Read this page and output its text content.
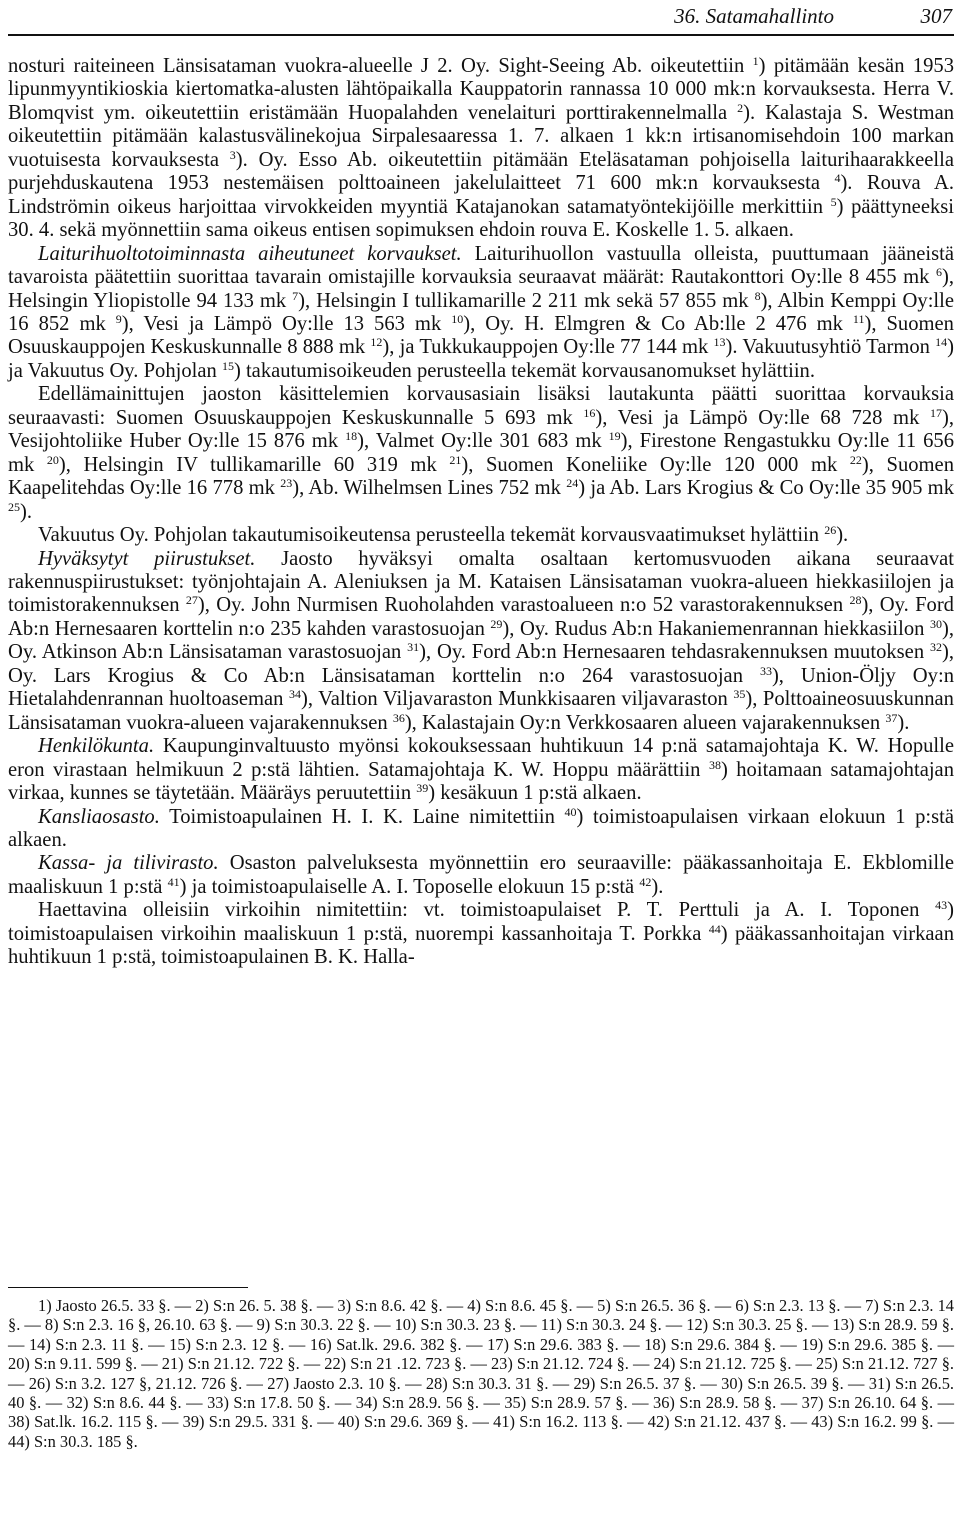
36. Satamahallinto	307

nosturi raiteineen Länsisataman vuokra-alueelle J 2. Oy. Sight-Seeing Ab. oikeutettiin $^1$) pitämään kesän 1953 lipunmyyntikioskia kiertomatka-alusten lähtöpaikalla Kauppatorin rannassa 10 000 mk:n korvauksesta. Herra V. Blomqvist ym. oikeutettiin eristämään Huopalahden venelaituri porttirakennelmalla $^2$). Kalastaja S. Westman oikeutettiin pitämään kalastusvälinekojua Sirpalesaaressa 1. 7. alkaen 1 kk:n irtisanomisehdoin 100 markan vuotuisesta korvauksesta $^3$). Oy. Esso Ab. oikeutettiin pitämään Eteläsataman pohjoisella laiturihaarakkeella purjehduskautena 1953 nestemäisen polttoaineen jakelulaitteet 71 600 mk:n korvauksesta $^4$). Rouva A. Lindströmin oikeus harjoittaa virvokkeiden myyntiä Katajanokan satamatyöntekijöille merkittiin $^5$) päättyneeksi 30. 4. sekä myönnettiin sama oikeus entisen sopimuksen ehdoin rouva E. Koskelle 1. 5. alkaen.

Laiturihuoltotoiminnasta aiheutuneet korvaukset. Laiturihuollon vastuulla olleista, puuttumaan jääneistä tavaroista päätettiin suorittaa tavarain omistajille korvauksia seuraavat määrät: Rautakonttori Oy:lle 8 455 mk $^6$), Helsingin Yliopistolle 94 133 mk $^7$), Helsingin I tullikamarille 2 211 mk sekä 57 855 mk $^8$), Albin Kemppi Oy:lle 16 852 mk $^9$), Vesi ja Lämpö Oy:lle 13 563 mk $^{10}$), Oy. H. Elmgren & Co Ab:lle 2 476 mk $^{11}$), Suomen Osuuskauppojen Keskuskunnalle 8 888 mk $^{12}$), ja Tukkukauppojen Oy:lle 77 144 mk $^{13}$). Vakuutusyhtiö Tarmon $^{14}$) ja Vakuutus Oy. Pohjolan $^{15}$) takautumisoikeuden perusteella tekemät korvausanomukset hylättiin.

Edellämainittujen jaoston käsittelemien korvausasiain lisäksi lautakunta päätti suorittaa korvauksia seuraavasti: Suomen Osuuskauppojen Keskuskunnalle 5 693 mk $^{16}$), Vesi ja Lämpö Oy:lle 68 728 mk $^{17}$), Vesijohtoliike Huber Oy:lle 15 876 mk $^{18}$), Valmet Oy:lle 301 683 mk $^{19}$), Firestone Rengastukku Oy:lle 11 656 mk $^{20}$), Helsingin IV tullikamarille 60 319 mk $^{21}$), Suomen Koneliike Oy:lle 120 000 mk $^{22}$), Suomen Kaapelitehdas Oy:lle 16 778 mk $^{23}$), Ab. Wilhelmsen Lines 752 mk $^{24}$) ja Ab. Lars Krogius & Co Oy:lle 35 905 mk $^{25}$).

Vakuutus Oy. Pohjolan takautumisoikeutensa perusteella tekemät korvausvaatimukset hylättiin $^{26}$).

Hyväksytyt piirustukset. Jaosto hyväksyi omalta osaltaan kertomusvuoden aikana seuraavat rakennuspiirustukset: työnjohtajain A. Aleniuksen ja M. Kataisen Länsisataman vuokra-alueen hiekkasiilojen ja toimistorakennuksen $^{27}$), Oy. John Nurmisen Ruoholahden varastoalueen n:o 52 varastorakennuksen $^{28}$), Oy. Ford Ab:n Hernesaaren korttelin n:o 235 kahden varastosuojan $^{29}$), Oy. Rudus Ab:n Hakaniemenrannan hiekkasiilon $^{30}$), Oy. Atkinson Ab:n Länsisataman varastosuojan $^{31}$), Oy. Ford Ab:n Hernesaaren tehdasrakennuksen muutoksen $^{32}$), Oy. Lars Krogius & Co Ab:n Länsisataman korttelin n:o 264 varastosuojan $^{33}$), Union-Öljy Oy:n Hietalahdenrannan huoltoaseman $^{34}$), Valtion Viljavaraston Munkkisaaren viljavaraston $^{35}$), Polttoaineosuuskunnan Länsisataman vuokra-alueen vajarakennuksen $^{36}$), Kalastajain Oy:n Verkkosaaren alueen vajarakennuksen $^{37}$).

Henkilökunta. Kaupunginvaltuusto myönsi kokouksessaan huhtikuun 14 p:nä satamajohtaja K. W. Hopulle eron virastaan helmikuun 2 p:stä lähtien. Satamajohtaja K. W. Hoppu määrättiin $^{38}$) hoitamaan satamajohtajan virkaa, kunnes se täytetään. Määräys peruutettiin $^{39}$) kesäkuun 1 p:stä alkaen.

Kansliaosasto. Toimistoapulainen H. I. K. Laine nimitettiin $^{40}$) toimistoapulaisen virkaan elokuun 1 p:stä alkaen.

Kassa- ja tilivirasto. Osaston palveluksesta myönnettiin ero seuraaville: pääkassanhoitaja E. Ekblomille maaliskuun 1 p:stä $^{41}$) ja toimistoapulaiselle A. I. Toposelle elokuun 15 p:stä $^{42}$).

Haettavina olleisiin virkoihin nimitettiin: vt. toimistoapulaiset P. T. Perttuli ja A. I. Toponen $^{43}$) toimistoapulaisen virkoihin maaliskuun 1 p:stä, nuorempi kassanhoitaja T. Porkka $^{44}$) pääkassanhoitajan virkaan huhtikuun 1 p:stä, toimistoapulainen B. K. Halla-

1) Jaosto 26.5. 33 §. — 2) S:n 26. 5. 38 §. — 3) S:n 8.6. 42 §. — 4) S:n 8.6. 45 §. — 5) S:n 26.5. 36 §. — 6) S:n 2.3. 13 §. — 7) S:n 2.3. 14 §. — 8) S:n 2.3. 16 §, 26.10. 63 §. — 9) S:n 30.3. 22 §. — 10) S:n 30.3. 23 §. — 11) S:n 30.3. 24 §. — 12) S:n 30.3. 25 §. — 13) S:n 28.9. 59 §. — 14) S:n 2.3. 11 §. — 15) S:n 2.3. 12 §. — 16) Sat.lk. 29.6. 382 §. — 17) S:n 29.6. 383 §. — 18) S:n 29.6. 384 §. — 19) S:n 29.6. 385 §. — 20) S:n 9.11. 599 §. — 21) S:n 21.12. 722 §. — 22) S:n 21 .12. 723 §. — 23) S:n 21.12. 724 §. — 24) S:n 21.12. 725 §. — 25) S:n 21.12. 727 §. — 26) S:n 3.2. 127 §, 21.12. 726 §. — 27) Jaosto 2.3. 10 §. — 28) S:n 30.3. 31 §. — 29) S:n 26.5. 37 §. — 30) S:n 26.5. 39 §. — 31) S:n 26.5. 40 §. — 32) S:n 8.6. 44 §. — 33) S:n 17.8. 50 §. — 34) S:n 28.9. 56 §. — 35) S:n 28.9. 57 §. — 36) S:n 28.9. 58 §. — 37) S:n 26.10. 64 §. — 38) Sat.lk. 16.2. 115 §. — 39) S:n 29.5. 331 §. — 40) S:n 29.6. 369 §. — 41) S:n 16.2. 113 §. — 42) S:n 21.12. 437 §. — 43) S:n 16.2. 99 §. — 44) S:n 30.3. 185 §.
